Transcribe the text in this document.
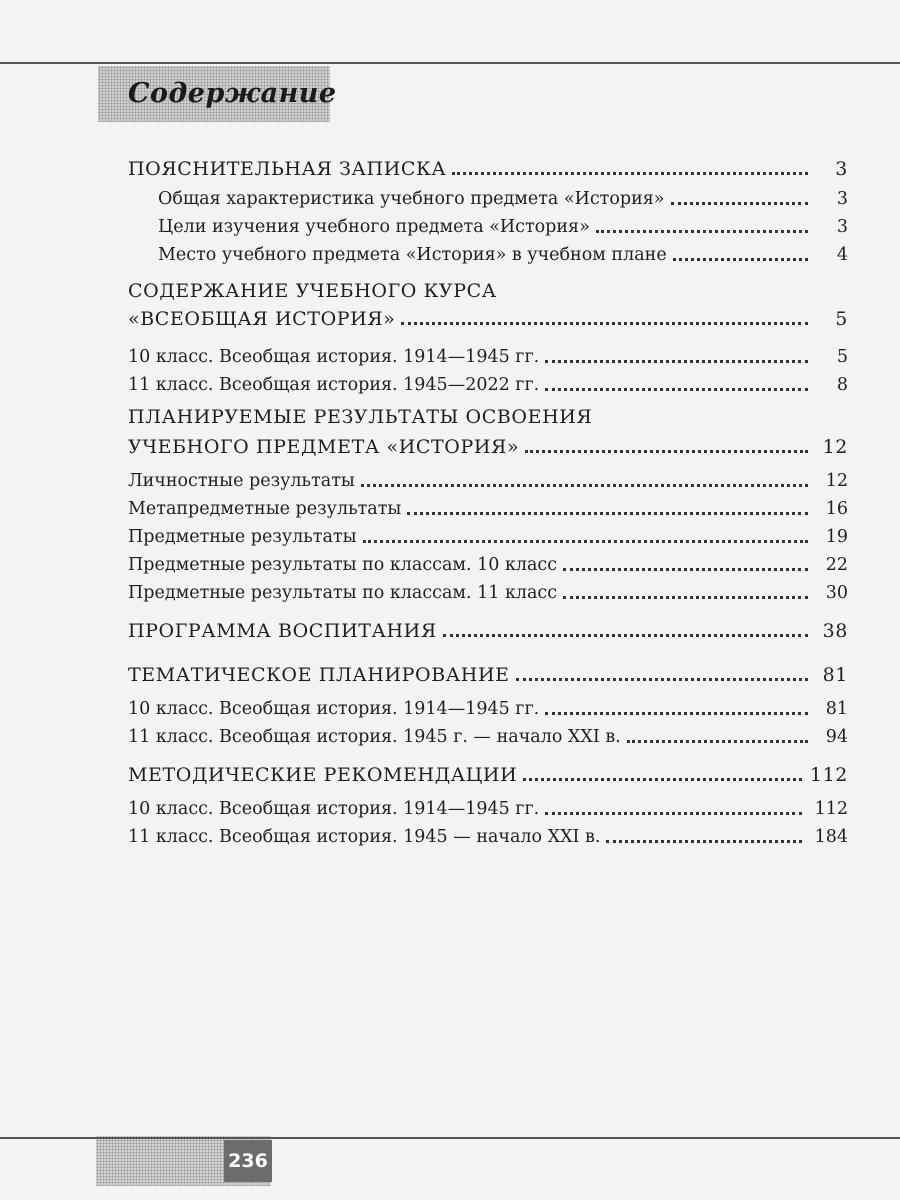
Содержание
ПОЯСНИТЕЛЬНАЯ ЗАПИСКА	3
Общая характеристика учебного предмета «История»	3
Цели изучения учебного предмета «История»	3
Место учебного предмета «История» в учебном плане	4
СОДЕРЖАНИЕ УЧЕБНОГО КУРСА
«ВСЕОБЩАЯ ИСТОРИЯ»	5
10 класс. Всеобщая история. 1914—1945 гг.	5
11 класс. Всеобщая история. 1945—2022 гг.	8
ПЛАНИРУЕМЫЕ РЕЗУЛЬТАТЫ ОСВОЕНИЯ
УЧЕБНОГО ПРЕДМЕТА «ИСТОРИЯ»	12
Личностные результаты	12
Метапредметные результаты	16
Предметные результаты	19
Предметные результаты по классам. 10 класс	22
Предметные результаты по классам. 11 класс	30
ПРОГРАММА ВОСПИТАНИЯ	38
ТЕМАТИЧЕСКОЕ ПЛАНИРОВАНИЕ	81
10 класс. Всеобщая история. 1914—1945 гг.	81
11 класс. Всеобщая история. 1945 г. — начало XXI в.	94
МЕТОДИЧЕСКИЕ РЕКОМЕНДАЦИИ	112
10 класс. Всеобщая история. 1914—1945 гг.	112
11 класс. Всеобщая история. 1945 — начало XXI в.	184
236
